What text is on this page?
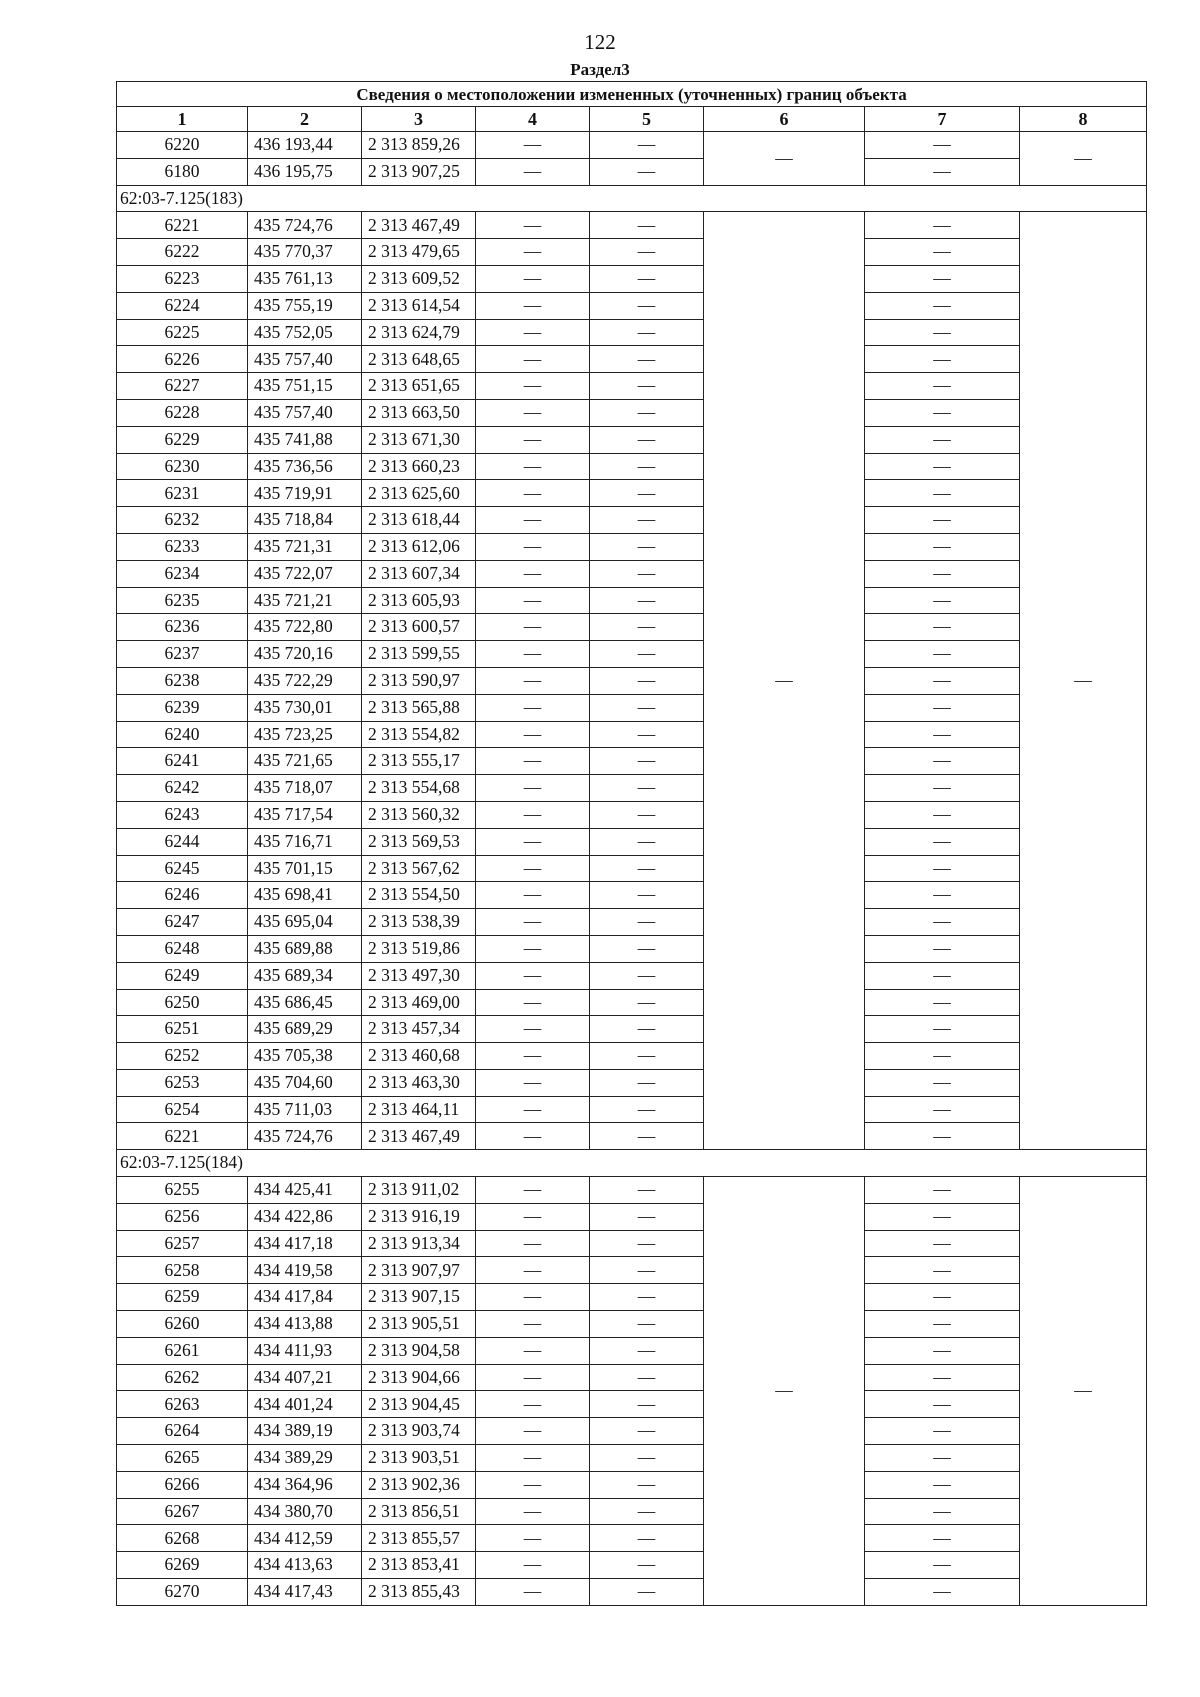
122
Раздел3
Сведения о местоположении измененных (уточненных) границ объекта							
1	2	3	4	5	6	7	8
6220	436 193,44	2 313 859,26	—	—	—	—	—
6180	436 195,75	2 313 907,25	—	—		—	
62:03-7.125(183)							
6221	435 724,76	2 313 467,49	—	—	—	—	—
6222	435 770,37	2 313 479,65	—	—		—	
6223	435 761,13	2 313 609,52	—	—		—	
6224	435 755,19	2 313 614,54	—	—		—	
6225	435 752,05	2 313 624,79	—	—		—	
6226	435 757,40	2 313 648,65	—	—		—	
6227	435 751,15	2 313 651,65	—	—		—	
6228	435 757,40	2 313 663,50	—	—		—	
6229	435 741,88	2 313 671,30	—	—		—	
6230	435 736,56	2 313 660,23	—	—		—	
6231	435 719,91	2 313 625,60	—	—		—	
6232	435 718,84	2 313 618,44	—	—		—	
6233	435 721,31	2 313 612,06	—	—		—	
6234	435 722,07	2 313 607,34	—	—		—	
6235	435 721,21	2 313 605,93	—	—		—	
6236	435 722,80	2 313 600,57	—	—		—	
6237	435 720,16	2 313 599,55	—	—		—	
6238	435 722,29	2 313 590,97	—	—		—	
6239	435 730,01	2 313 565,88	—	—		—	
6240	435 723,25	2 313 554,82	—	—		—	
6241	435 721,65	2 313 555,17	—	—		—	
6242	435 718,07	2 313 554,68	—	—		—	
6243	435 717,54	2 313 560,32	—	—		—	
6244	435 716,71	2 313 569,53	—	—		—	
6245	435 701,15	2 313 567,62	—	—		—	
6246	435 698,41	2 313 554,50	—	—		—	
6247	435 695,04	2 313 538,39	—	—		—	
6248	435 689,88	2 313 519,86	—	—		—	
6249	435 689,34	2 313 497,30	—	—		—	
6250	435 686,45	2 313 469,00	—	—		—	
6251	435 689,29	2 313 457,34	—	—		—	
6252	435 705,38	2 313 460,68	—	—		—	
6253	435 704,60	2 313 463,30	—	—		—	
6254	435 711,03	2 313 464,11	—	—		—	
6221	435 724,76	2 313 467,49	—	—		—	
62:03-7.125(184)							
6255	434 425,41	2 313 911,02	—	—	—	—	—
6256	434 422,86	2 313 916,19	—	—		—	
6257	434 417,18	2 313 913,34	—	—		—	
6258	434 419,58	2 313 907,97	—	—		—	
6259	434 417,84	2 313 907,15	—	—		—	
6260	434 413,88	2 313 905,51	—	—		—	
6261	434 411,93	2 313 904,58	—	—		—	
6262	434 407,21	2 313 904,66	—	—		—	
6263	434 401,24	2 313 904,45	—	—		—	
6264	434 389,19	2 313 903,74	—	—		—	
6265	434 389,29	2 313 903,51	—	—		—	
6266	434 364,96	2 313 902,36	—	—		—	
6267	434 380,70	2 313 856,51	—	—		—	
6268	434 412,59	2 313 855,57	—	—		—	
6269	434 413,63	2 313 853,41	—	—		—	
6270	434 417,43	2 313 855,43	—	—		—	
